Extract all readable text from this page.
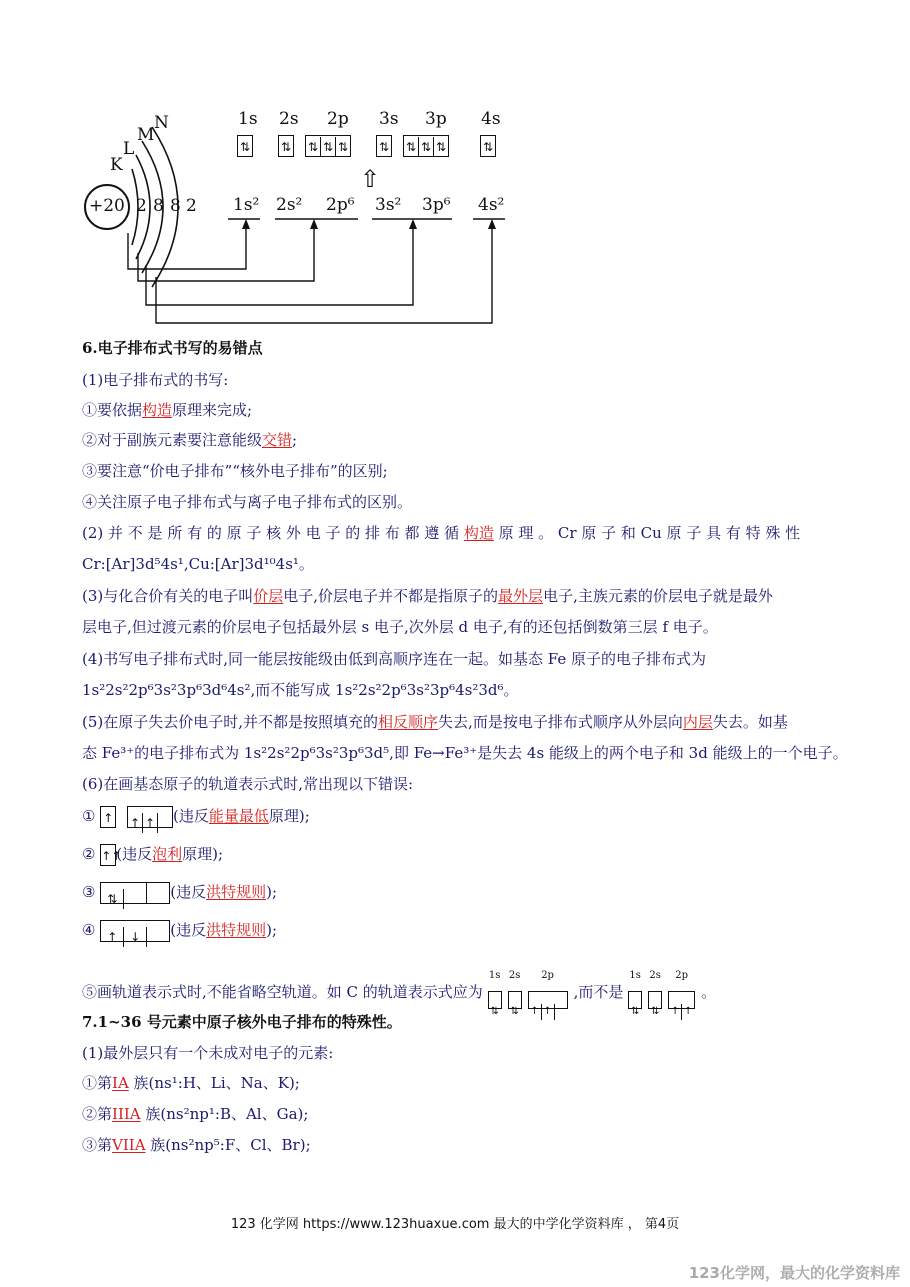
K
L
M
N
+20 2 8 8 2
1s 2s 2p 3s 3p 4s
⇅	⇅ ⇅ ⇅ ⇅	⇅ ⇅ ⇅ ⇅	⇅
⇧
1s² 2s² 2p⁶ 3s² 3p⁶ 4s²
6.电子排布式书写的易错点
(1)电子排布式的书写:
①要依据构造原理来完成;
②对于副族元素要注意能级交错;
③要注意“价电子排布”“核外电子排布”的区别;
④关注原子电子排布式与离子电子排布式的区别。
(2) 并 不 是 所 有 的 原 子 核 外 电 子 的 排 布 都 遵 循 构造 原 理 。 Cr 原 子 和 Cu 原 子 具 有 特 殊 性
Cr:[Ar]3d⁵4s¹,Cu:[Ar]3d¹⁰4s¹。
(3)与化合价有关的电子叫价层电子,价层电子并不都是指原子的最外层电子,主族元素的价层电子就是最外
层电子,但过渡元素的价层电子包括最外层 s 电子,次外层 d 电子,有的还包括倒数第三层 f 电子。
(4)书写电子排布式时,同一能层按能级由低到高顺序连在一起。如基态 Fe 原子的电子排布式为
1s²2s²2p⁶3s²3p⁶3d⁶4s²,而不能写成 1s²2s²2p⁶3s²3p⁶4s²3d⁶。
(5)在原子失去价电子时,并不都是按照填充的相反顺序失去,而是按电子排布式顺序从外层向内层失去。如基
态 Fe³⁺的电子排布式为 1s²2s²2p⁶3s²3p⁶3d⁵,即 Fe→Fe³⁺是失去 4s 能级上的两个电子和 3d 能级上的一个电子。
(6)在画基态原子的轨道表示式时,常出现以下错误:
① ↑ ↑ ↑ (违反能量最低原理);
② ↑↑(违反泡利原理);
③ ⇅	(违反洪特规则);
④ ↑ ↓ (违反洪特规则);
⑤画轨道表示式时,不能省略空轨道。如 C 的轨道表示式应为
1s
⇅
2s
⇅
2p
↑ ↑,而不是
1s
⇅
2s
⇅
2p
↑ ↑。
7.1~36 号元素中原子核外电子排布的特殊性。
(1)最外层只有一个未成对电子的元素:
①第IA 族(ns¹:H、Li、Na、K);
②第IIIA 族(ns²np¹:B、Al、Ga);
③第VIIA 族(ns²np⁵:F、Cl、Br);
123 化学网 https://www.123huaxue.com 最大的中学化学资料库 ， 第4页
123化学网，最大的化学资料库
